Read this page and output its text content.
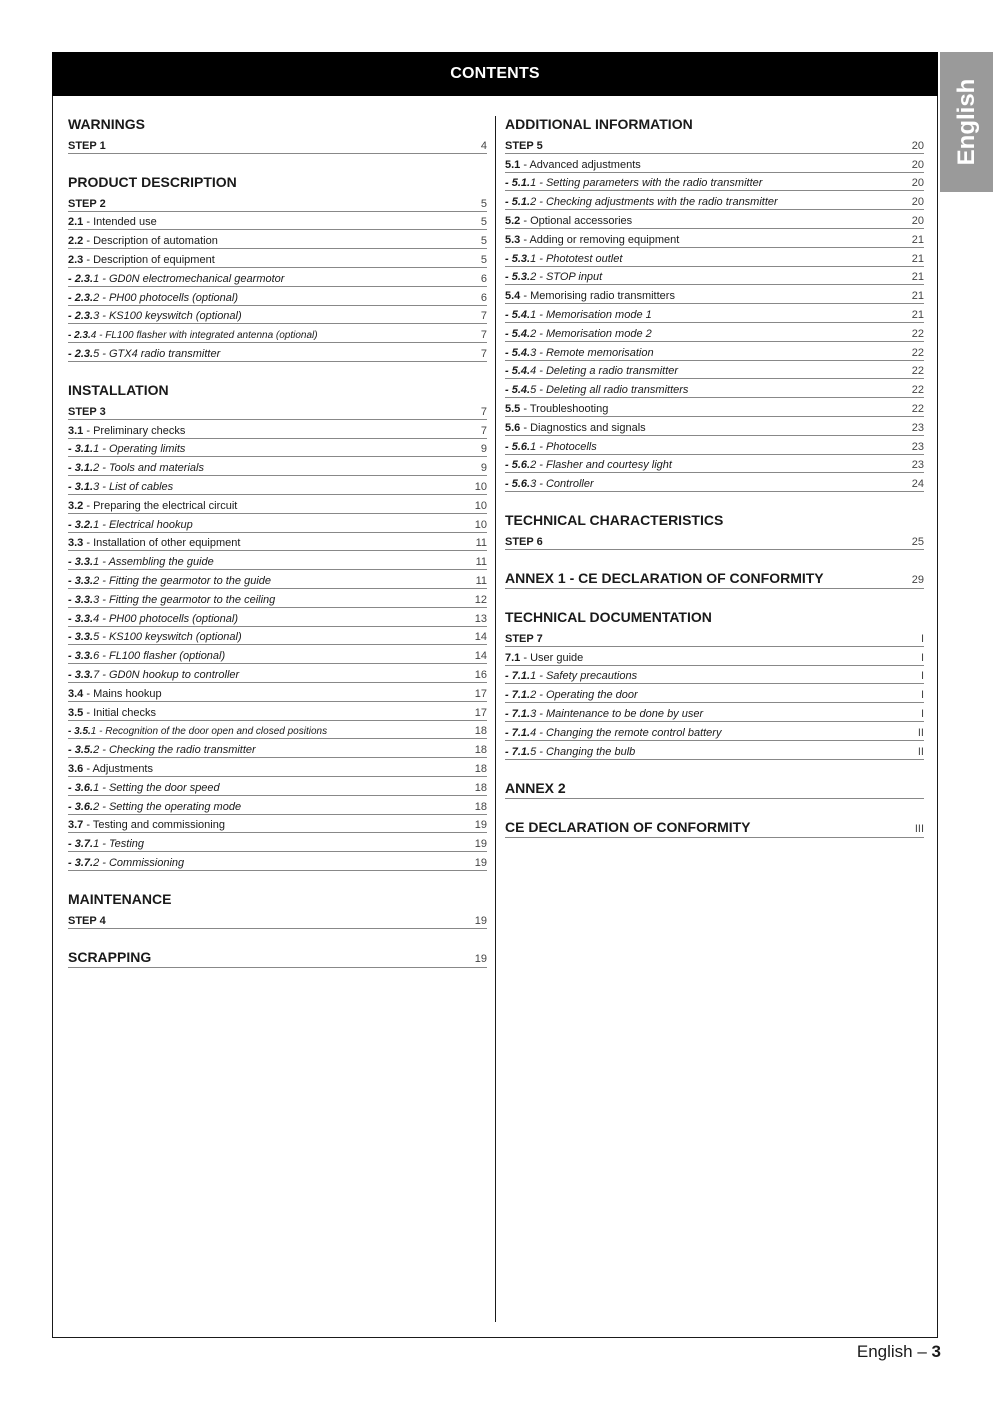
CONTENTS
English
WARNINGS
STEP 1	4
PRODUCT DESCRIPTION
STEP 2	5
2.1 - Intended use	5
2.2 - Description of automation	5
2.3 - Description of equipment	5
- 2.3.1 - GD0N electromechanical gearmotor	6
- 2.3.2 - PH00 photocells (optional)	6
- 2.3.3 - KS100 keyswitch (optional)	7
- 2.3.4 - FL100 flasher with integrated antenna (optional)	7
- 2.3.5 - GTX4 radio transmitter	7
INSTALLATION
STEP 3	7
3.1 - Preliminary checks	7
- 3.1.1 - Operating limits	9
- 3.1.2 - Tools and materials	9
- 3.1.3 - List of cables	10
3.2 - Preparing the electrical circuit	10
- 3.2.1 - Electrical hookup	10
3.3 - Installation of other equipment	11
- 3.3.1 - Assembling the guide	11
- 3.3.2 - Fitting the gearmotor to the guide	11
- 3.3.3 - Fitting the gearmotor to the ceiling	12
- 3.3.4 - PH00 photocells (optional)	13
- 3.3.5 - KS100 keyswitch (optional)	14
- 3.3.6 - FL100 flasher (optional)	14
- 3.3.7 - GD0N hookup to controller	16
3.4 - Mains hookup	17
3.5 - Initial checks	17
- 3.5.1 - Recognition of the door open and closed positions	18
- 3.5.2 - Checking the radio transmitter	18
3.6 - Adjustments	18
- 3.6.1 - Setting the door speed	18
- 3.6.2 - Setting the operating mode	18
3.7 - Testing and commissioning	19
- 3.7.1 - Testing	19
- 3.7.2 - Commissioning	19
MAINTENANCE
STEP 4	19
SCRAPPING	19
ADDITIONAL INFORMATION
STEP 5	20
5.1 - Advanced adjustments	20
- 5.1.1 - Setting parameters with the radio transmitter	20
- 5.1.2 - Checking adjustments with the radio transmitter	20
5.2 - Optional accessories	20
5.3 - Adding or removing equipment	21
- 5.3.1 - Phototest outlet	21
- 5.3.2 - STOP input	21
5.4 - Memorising radio transmitters	21
- 5.4.1 - Memorisation mode 1	21
- 5.4.2 - Memorisation mode 2	22
- 5.4.3 - Remote memorisation	22
- 5.4.4 - Deleting a radio transmitter	22
- 5.4.5 - Deleting all radio transmitters	22
5.5 - Troubleshooting	22
5.6 - Diagnostics and signals	23
- 5.6.1 - Photocells	23
- 5.6.2 - Flasher and courtesy light	23
- 5.6.3 - Controller	24
TECHNICAL CHARACTERISTICS
STEP 6	25
ANNEX 1 - CE DECLARATION OF CONFORMITY	29
TECHNICAL DOCUMENTATION
STEP 7	I
7.1 - User guide	I
- 7.1.1 - Safety precautions	I
- 7.1.2 - Operating the door	I
- 7.1.3 - Maintenance to be done by user	I
- 7.1.4 - Changing the remote control battery	II
- 7.1.5 - Changing the bulb	II
ANNEX 2
CE DECLARATION OF CONFORMITY	III
English – 3
